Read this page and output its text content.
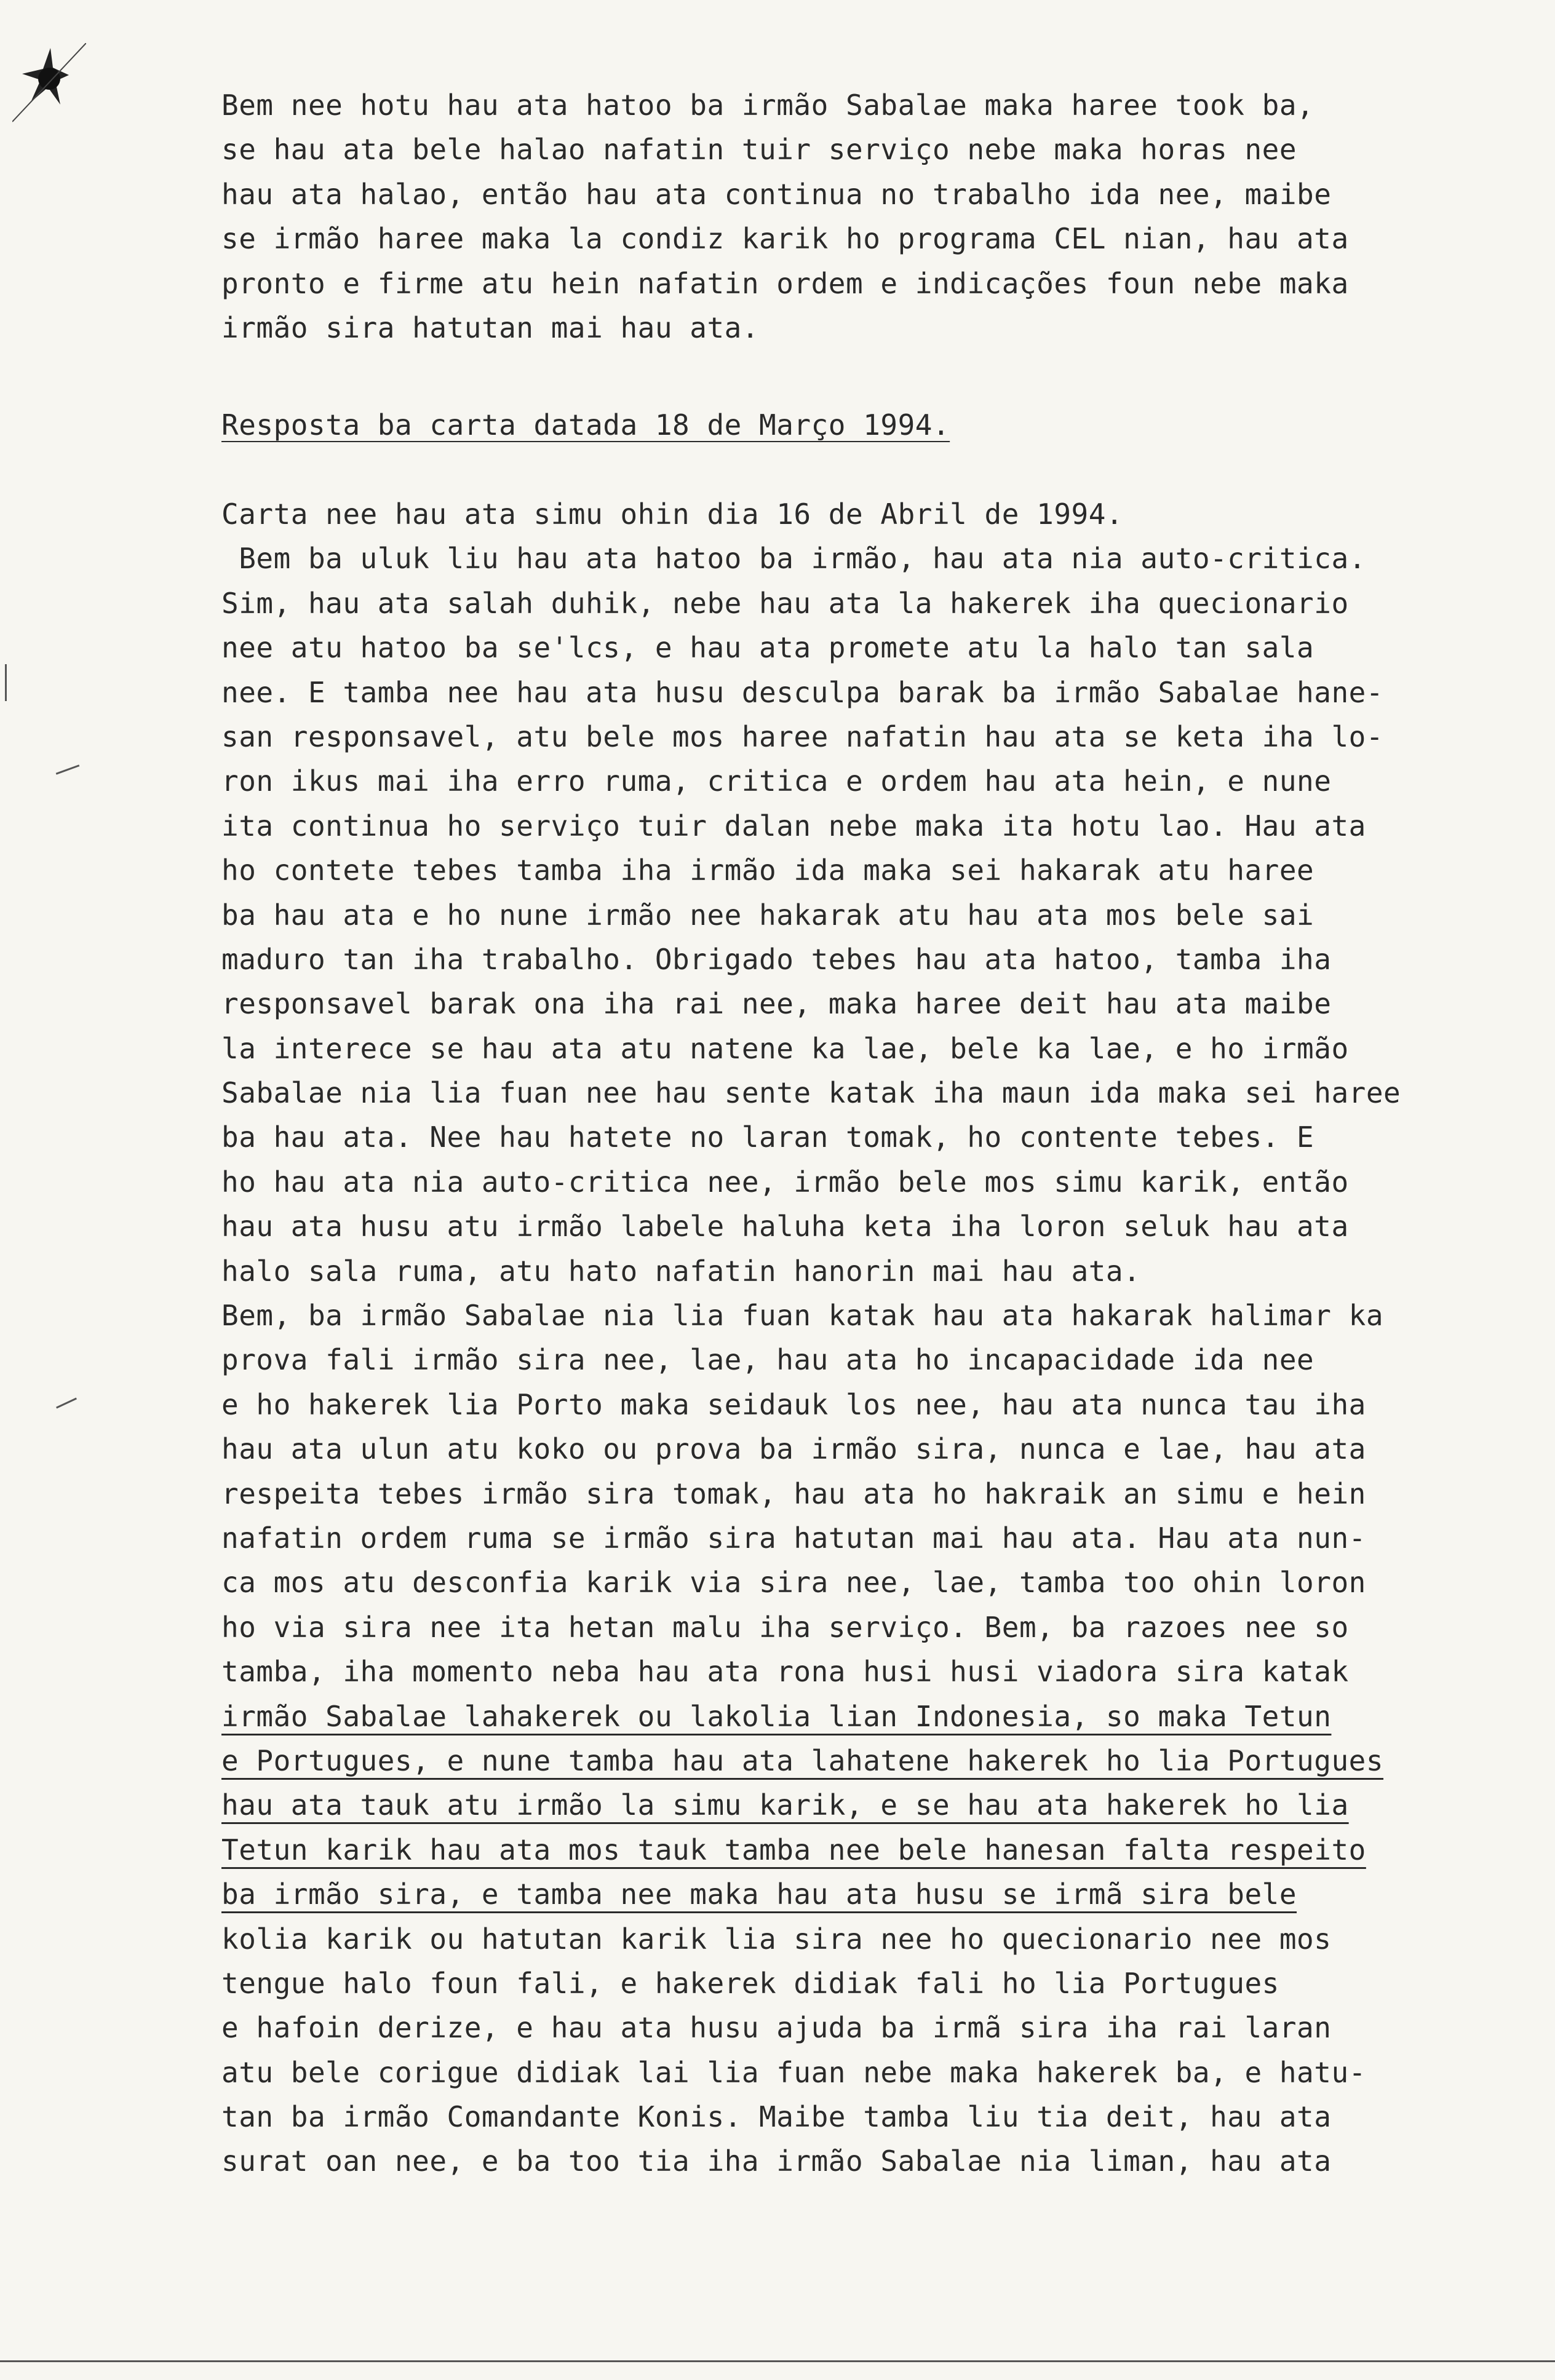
Bem nee hotu hau ata hatoo ba irmão Sabalae maka haree took ba,
se hau ata bele halao nafatin tuir serviço nebe maka horas nee
hau ata halao, então hau ata continua no trabalho ida nee, maibe
se irmão haree maka la condiz karik ho programa CEL nian, hau ata
pronto e firme atu hein nafatin ordem e indicações foun nebe maka
irmão sira hatutan mai hau ata.
Resposta ba carta datada 18 de Março 1994.
Carta nee hau ata simu ohin dia 16 de Abril de 1994.
Bem ba uluk liu hau ata hatoo ba irmão, hau ata nia auto-critica.
Sim, hau ata salah duhik, nebe hau ata la hakerek iha quecionario
nee atu hatoo ba se'lcs, e hau ata promete atu la halo tan sala
nee. E tamba nee hau ata husu desculpa barak ba irmão Sabalae hane-
san responsavel, atu bele mos haree nafatin hau ata se keta iha lo-
ron ikus mai iha erro ruma, critica e ordem hau ata hein, e nune
ita continua ho serviço tuir dalan nebe maka ita hotu lao. Hau ata
ho contete tebes tamba iha irmão ida maka sei hakarak atu haree
ba hau ata e ho nune irmão nee hakarak atu hau ata mos bele sai
maduro tan iha trabalho. Obrigado tebes hau ata hatoo, tamba iha
responsavel barak ona iha rai nee, maka haree deit hau ata maibe
la interece se hau ata atu natene ka lae, bele ka lae, e ho irmão
Sabalae nia lia fuan nee hau sente katak iha maun ida maka sei haree
ba hau ata. Nee hau hatete no laran tomak, ho contente tebes. E
ho hau ata nia auto-critica nee, irmão bele mos simu karik, então
hau ata husu atu irmão labele haluha keta iha loron seluk hau ata
halo sala ruma, atu hato nafatin hanorin mai hau ata.
Bem, ba irmão Sabalae nia lia fuan katak hau ata hakarak halimar ka
prova fali irmão sira nee, lae, hau ata ho incapacidade ida nee
e ho hakerek lia Porto maka seidauk los nee, hau ata nunca tau iha
hau ata ulun atu koko ou prova ba irmão sira, nunca e lae, hau ata
respeita tebes irmão sira tomak, hau ata ho hakraik an simu e hein
nafatin ordem ruma se irmão sira hatutan mai hau ata. Hau ata nun-
ca mos atu desconfia karik via sira nee, lae, tamba too ohin loron
ho via sira nee ita hetan malu iha serviço. Bem, ba razoes nee so
tamba, iha momento neba hau ata rona husi husi viadora sira katak
irmão Sabalae lahakerek ou lakolia lian Indonesia, so maka Tetun
e Portugues, e nune tamba hau ata lahatene hakerek ho lia Portugues
hau ata tauk atu irmão la simu karik, e se hau ata hakerek ho lia
Tetun karik hau ata mos tauk tamba nee bele hanesan falta respeito
ba irmão sira, e tamba nee maka hau ata husu se irmã sira bele
kolia karik ou hatutan karik lia sira nee ho quecionario nee mos
tengue halo foun fali, e hakerek didiak fali ho lia Portugues
e hafoin derize, e hau ata husu ajuda ba irmã sira iha rai laran
atu bele corigue didiak lai lia fuan nebe maka hakerek ba, e hatu-
tan ba irmão Comandante Konis. Maibe tamba liu tia deit, hau ata
surat oan nee, e ba too tia iha irmão Sabalae nia liman, hau ata
